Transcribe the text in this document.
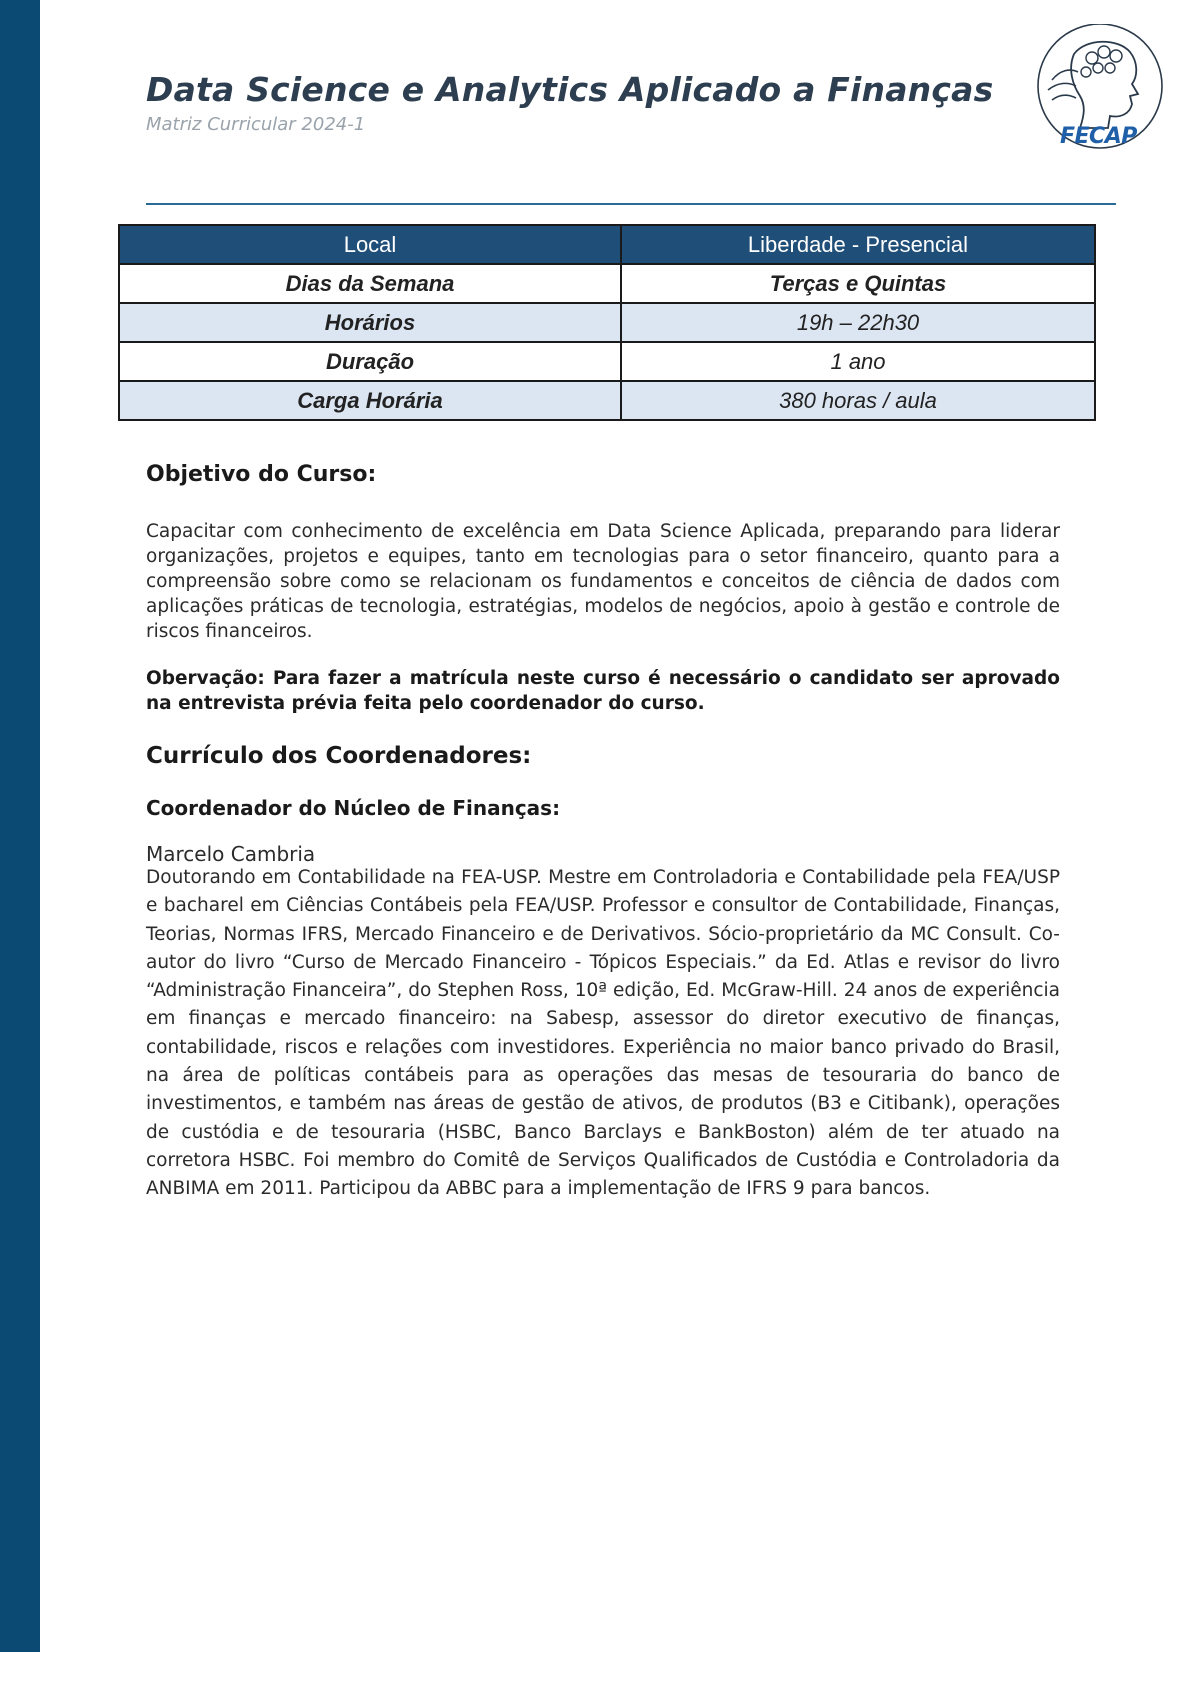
Data Science e Analytics Aplicado a Finanças
Matriz Curricular 2024-1	FECAP
Local	Liberdade - Presencial
Dias da Semana	Terças e Quintas
Horários	19h – 22h30
Duração	1 ano
Carga Horária	380 horas / aula
Objetivo do Curso:

Capacitar com conhecimento de excelência em Data Science Aplicada, preparando para liderar organizações, projetos e equipes, tanto em tecnologias para o setor financeiro, quanto para a compreensão sobre como se relacionam os fundamentos e conceitos de ciência de dados com aplicações práticas de tecnologia, estratégias, modelos de negócios, apoio à gestão e controle de riscos financeiros.

Obervação: Para fazer a matrícula neste curso é necessário o candidato ser aprovado na entrevista prévia feita pelo coordenador do curso.

Currículo dos Coordenadores:
Coordenador do Núcleo de Finanças:
Marcelo Cambria

Doutorando em Contabilidade na FEA-USP. Mestre em Controladoria e Contabilidade pela FEA/USP e bacharel em Ciências Contábeis pela FEA/USP. Professor e consultor de Contabilidade, Finanças, Teorias, Normas IFRS, Mercado Financeiro e de Derivativos. Sócio-proprietário da MC Consult. Co-autor do livro “Curso de Mercado Financeiro - Tópicos Especiais.” da Ed. Atlas e revisor do livro “Administração Financeira”, do Stephen Ross, 10ª edição, Ed. McGraw-Hill. 24 anos de experiência em finanças e mercado financeiro: na Sabesp, assessor do diretor executivo de finanças, contabilidade, riscos e relações com investidores. Experiência no maior banco privado do Brasil, na área de políticas contábeis para as operações das mesas de tesouraria do banco de investimentos, e também nas áreas de gestão de ativos, de produtos (B3 e Citibank), operações de custódia e de tesouraria (HSBC, Banco Barclays e BankBoston) além de ter atuado na corretora HSBC. Foi membro do Comitê de Serviços Qualificados de Custódia e Controladoria da ANBIMA em 2011. Participou da ABBC para a implementação de IFRS 9 para bancos.
